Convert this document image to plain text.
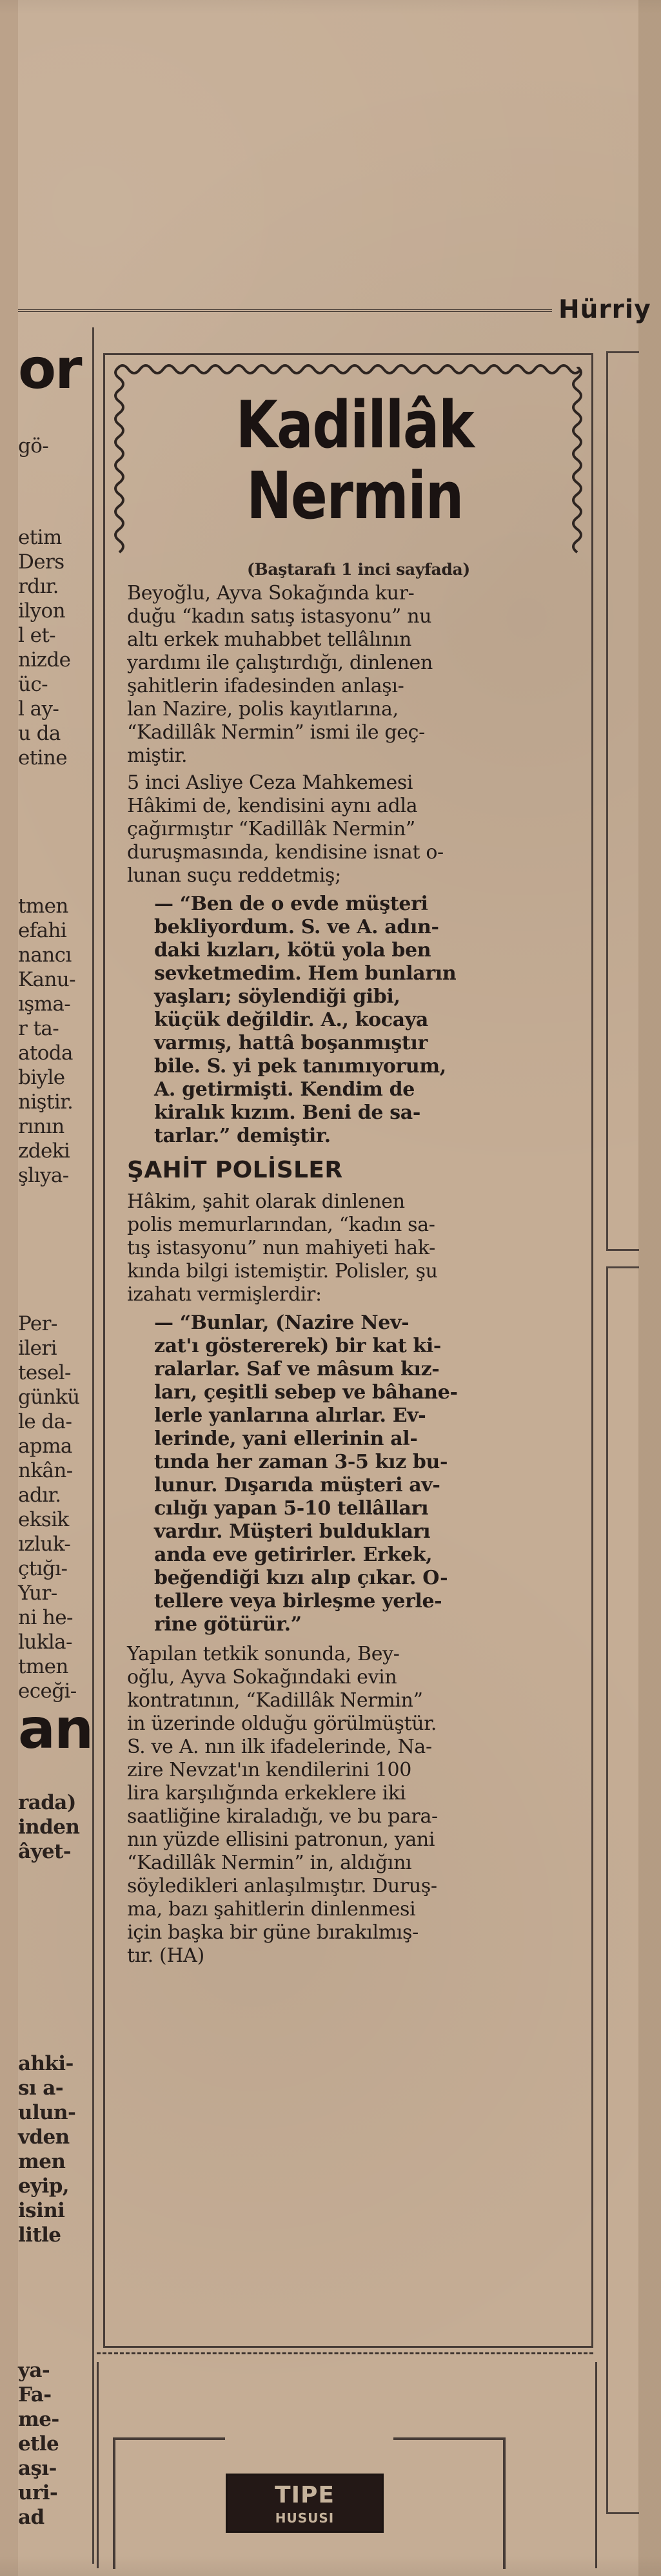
Hürriy
or
gö-
etim
Ders
rdır.
ilyon
l et-
nizde
üc-
l ay-
u da
etine
tmen
efahi
nancı
Kanu-
ışma-
r ta-
atoda
biyle
niştir.
rının
zdeki
şlıya-
Per-
ileri
tesel-
günkü
le da-
apma
nkân-
adır.
eksik
ızluk-
çtığı-
Yur-
ni he-
lukla-
tmen
eceği-
an
rada)
inden
âyet-
ahki-
sı a-
ulun-
vden
men
eyip,
isini
litle
ya-
Fa-
me-
etle
aşı-
uri-
ad
Kadillâk
Nermin
(Baştarafı 1 inci sayfada)

Beyoğlu, Ayva Sokağında kur-
duğu “kadın satış istasyonu” nu
altı erkek muhabbet tellâlının
yardımı ile çalıştırdığı, dinlenen
şahitlerin ifadesinden anlaşı-
lan Nazire, polis kayıtlarına,
“Kadillâk Nermin” ismi ile geç-
miştir.

5 inci Asliye Ceza Mahkemesi
Hâkimi de, kendisini aynı adla
çağırmıştır “Kadillâk Nermin”
duruşmasında, kendisine isnat o-
lunan suçu reddetmiş;

— “Ben de o evde müşteri
bekliyordum. S. ve A. adın-
daki kızları, kötü yola ben
sevketmedim. Hem bunların
yaşları; söylendiği gibi,
küçük değildir. A., kocaya
varmış, hattâ boşanmıştır
bile. S. yi pek tanımıyorum,
A. getirmişti. Kendim de
kiralık kızım. Beni de sa-
tarlar.” demiştir.
ŞAHİT POLİSLER

Hâkim, şahit olarak dinlenen
polis memurlarından, “kadın sa-
tış istasyonu” nun mahiyeti hak-
kında bilgi istemiştir. Polisler, şu
izahatı vermişlerdir:

— “Bunlar, (Nazire Nev-
zat'ı göstererek) bir kat ki-
ralarlar. Saf ve mâsum kız-
ları, çeşitli sebep ve bâhane-
lerle yanlarına alırlar. Ev-
lerinde, yani ellerinin al-
tında her zaman 3-5 kız bu-
lunur. Dışarıda müşteri av-
cılığı yapan 5-10 tellâlları
vardır. Müşteri buldukları
anda eve getirirler. Erkek,
beğendiği kızı alıp çıkar. O-
tellere veya birleşme yerle-
rine götürür.”

Yapılan tetkik sonunda, Bey-
oğlu, Ayva Sokağındaki evin
kontratının, “Kadillâk Nermin”
in üzerinde olduğu görülmüştür.
S. ve A. nın ilk ifadelerinde, Na-
zire Nevzat'ın kendilerini 100
lira karşılığında erkeklere iki
saatliğine kiraladığı, ve bu para-
nın yüzde ellisini patronun, yani
“Kadillâk Nermin” in, aldığını
söyledikleri anlaşılmıştır. Duruş-
ma, bazı şahitlerin dinlenmesi
için başka bir güne bırakılmış-
tır. (HA)

TIPE
HUSUSI
